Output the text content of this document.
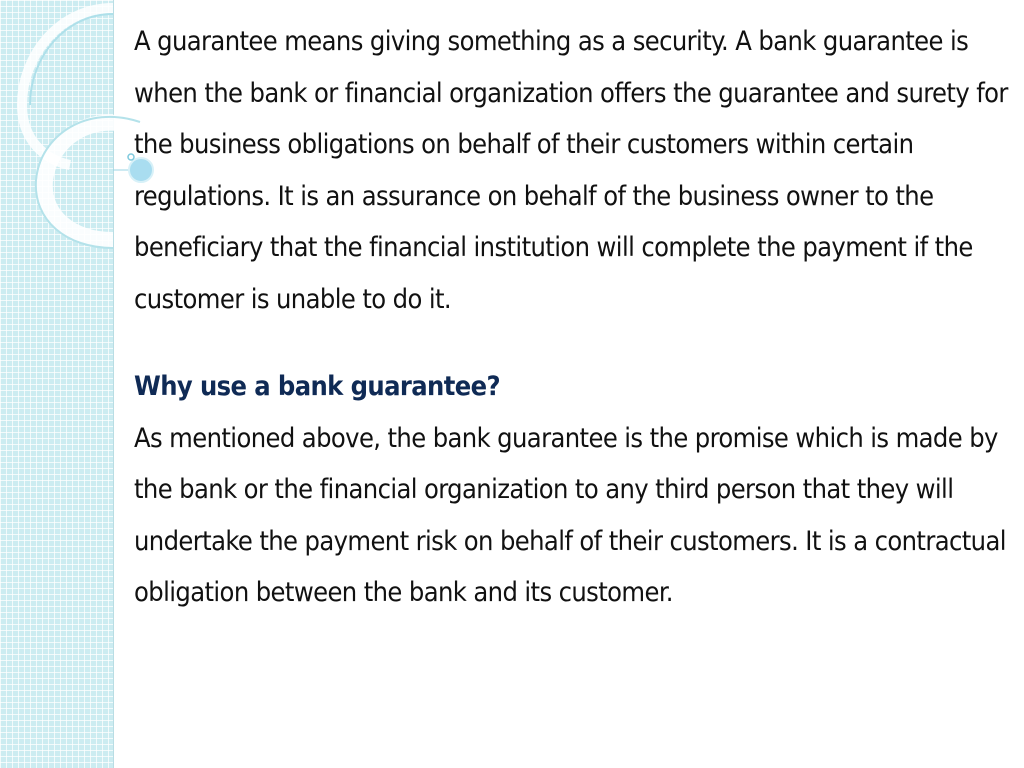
A guarantee means giving something as a security. A bank guarantee is when the bank or financial organization offers the guarantee and surety for the business obligations on behalf of their customers within certain regulations. It is an assurance on behalf of the business owner to the beneficiary that the financial institution will complete the payment if the customer is unable to do it.

Why use a bank guarantee?

As mentioned above, the bank guarantee is the promise which is made by the bank or the financial organization to any third person that they will undertake the payment risk on behalf of their customers. It is a contractual obligation between the bank and its customer.
